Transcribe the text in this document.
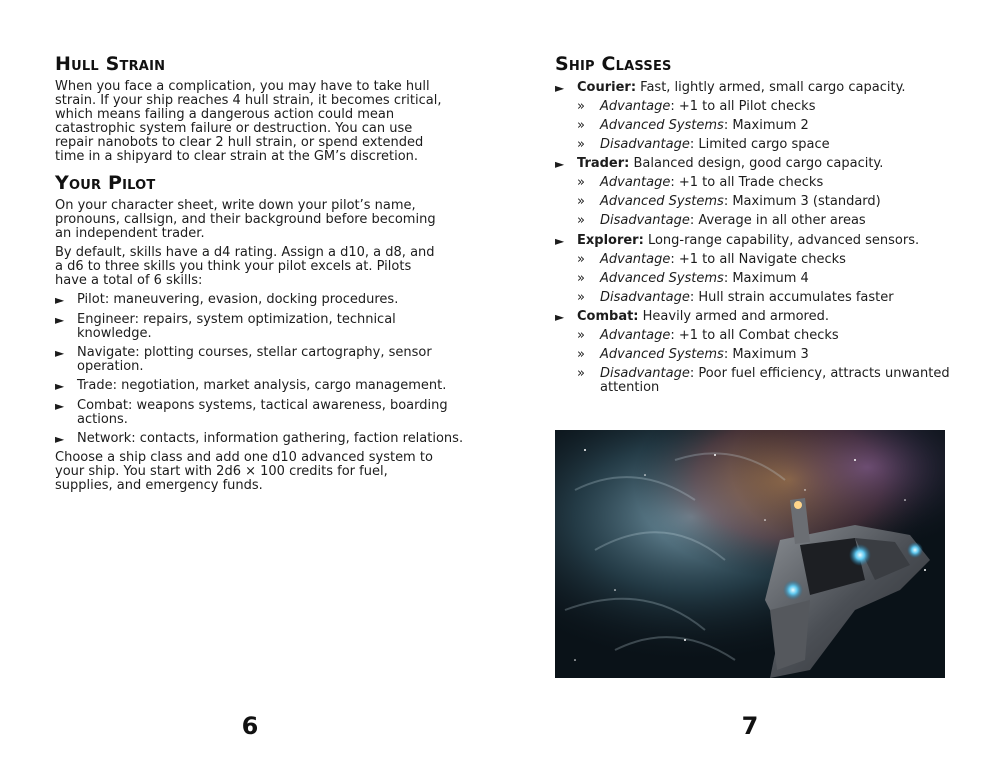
Hull Strain

When you face a complication, you may have to take hull strain. If your ship reaches 4 hull strain, it becomes critical, which means failing a dangerous action could mean catastrophic system failure or destruction. You can use repair nanobots to clear 2 hull strain, or spend extended time in a shipyard to clear strain at the GM’s discretion.

Your Pilot

On your character sheet, write down your pilot’s name, pronouns, callsign, and their background before becoming an independent trader.

By default, skills have a d4 rating. Assign a d10, a d8, and a d6 to three skills you think your pilot excels at. Pilots have a total of 6 skills:

► Pilot: maneuvering, evasion, docking procedures.
► Engineer: repairs, system optimization, technical knowledge.
► Navigate: plotting courses, stellar cartography, sensor operation.
► Trade: negotiation, market analysis, cargo management.
► Combat: weapons systems, tactical awareness, boarding actions.
► Network: contacts, information gathering, faction relations.

Choose a ship class and add one d10 advanced system to your ship. You start with 2d6 × 100 credits for fuel, supplies, and emergency funds.

6
Ship Classes
► Courier: Fast, lightly armed, small cargo capacity.
» Advantage: +1 to all Pilot checks
» Advanced Systems: Maximum 2
» Disadvantage: Limited cargo space
► Trader: Balanced design, good cargo capacity.
» Advantage: +1 to all Trade checks
» Advanced Systems: Maximum 3 (standard)
» Disadvantage: Average in all other areas
► Explorer: Long-range capability, advanced sensors.
» Advantage: +1 to all Navigate checks
» Advanced Systems: Maximum 4
» Disadvantage: Hull strain accumulates faster
► Combat: Heavily armed and armored.
» Advantage: +1 to all Combat checks
» Advanced Systems: Maximum 3
» Disadvantage: Poor fuel efficiency, attracts unwanted attention
7
